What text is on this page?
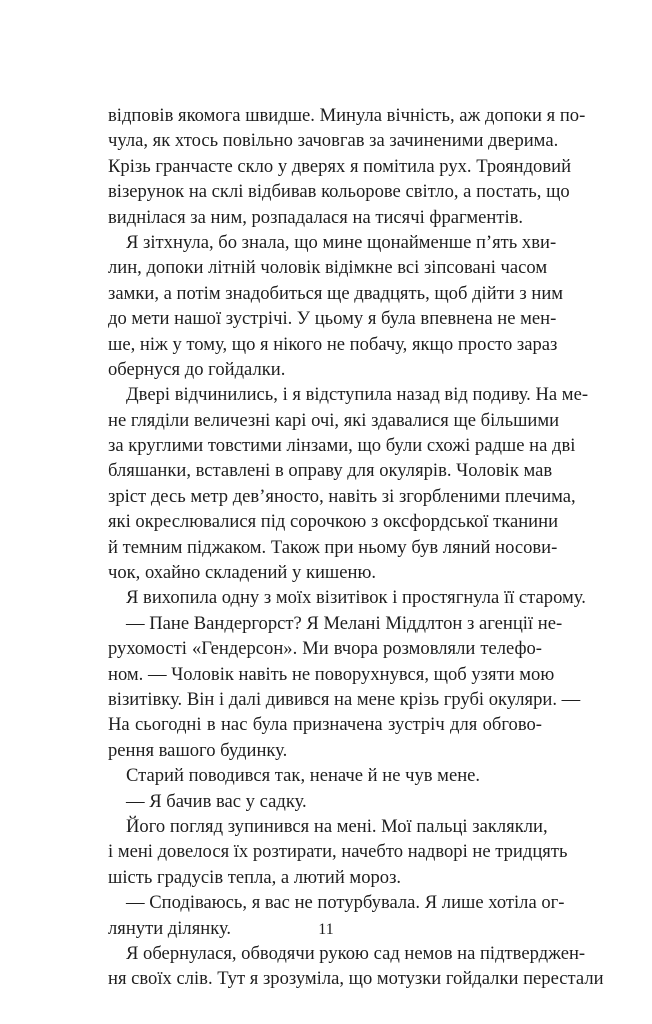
відповів якомога швидше. Минула вічність, аж допоки я по-
чула, як хтось повільно зачовгав за зачиненими дверима.
Крізь гранчасте скло у дверях я помітила рух. Трояндовий
візерунок на склі відбивав кольорове світло, а постать, що
виднілася за ним, розпадалася на тисячі фрагментів.
Я зітхнула, бо знала, що мине щонайменше п’ять хви-
лин, допоки літній чоловік відімкне всі зіпсовані часом
замки, а потім знадобиться ще двадцять, щоб дійти з ним
до мети нашої зустрічі. У цьому я була впевнена не мен-
ше, ніж у тому, що я нікого не побачу, якщо просто зараз
обернуся до гойдалки.
Двері відчинились, і я відступила назад від подиву. На ме-
не гляділи величезні карі очі, які здавалися ще більшими
за круглими товстими лінзами, що були схожі радше на дві
бляшанки, вставлені в оправу для окулярів. Чоловік мав
зріст десь метр дев’яносто, навіть зі згорбленими плечима,
які окреслювалися під сорочкою з оксфордської тканини
й темним піджаком. Також при ньому був ляний носови-
чок, охайно складений у кишеню.
Я вихопила одну з моїх візитівок і простягнула її старому.
— Пане Вандергорст? Я Мелані Міддлтон з агенції не-
рухомості «Гендерсон». Ми вчора розмовляли телефо-
ном. — Чоловік навіть не поворухнувся, щоб узяти мою
візитівку. Він і далі дивився на мене крізь грубі окуляри. —
На сьогодні в нас була призначена зустріч для обгово-
рення вашого будинку.
Старий поводився так, неначе й не чув мене.
— Я бачив вас у садку.
Його погляд зупинився на мені. Мої пальці заклякли,
і мені довелося їх розтирати, начебто надворі не тридцять
шість градусів тепла, а лютий мороз.
— Сподіваюсь, я вас не потурбувала. Я лише хотіла ог-
лянути ділянку.
Я обернулася, обводячи рукою сад немов на підтверджен-
ня своїх слів. Тут я зрозуміла, що мотузки гойдалки перестали
11
